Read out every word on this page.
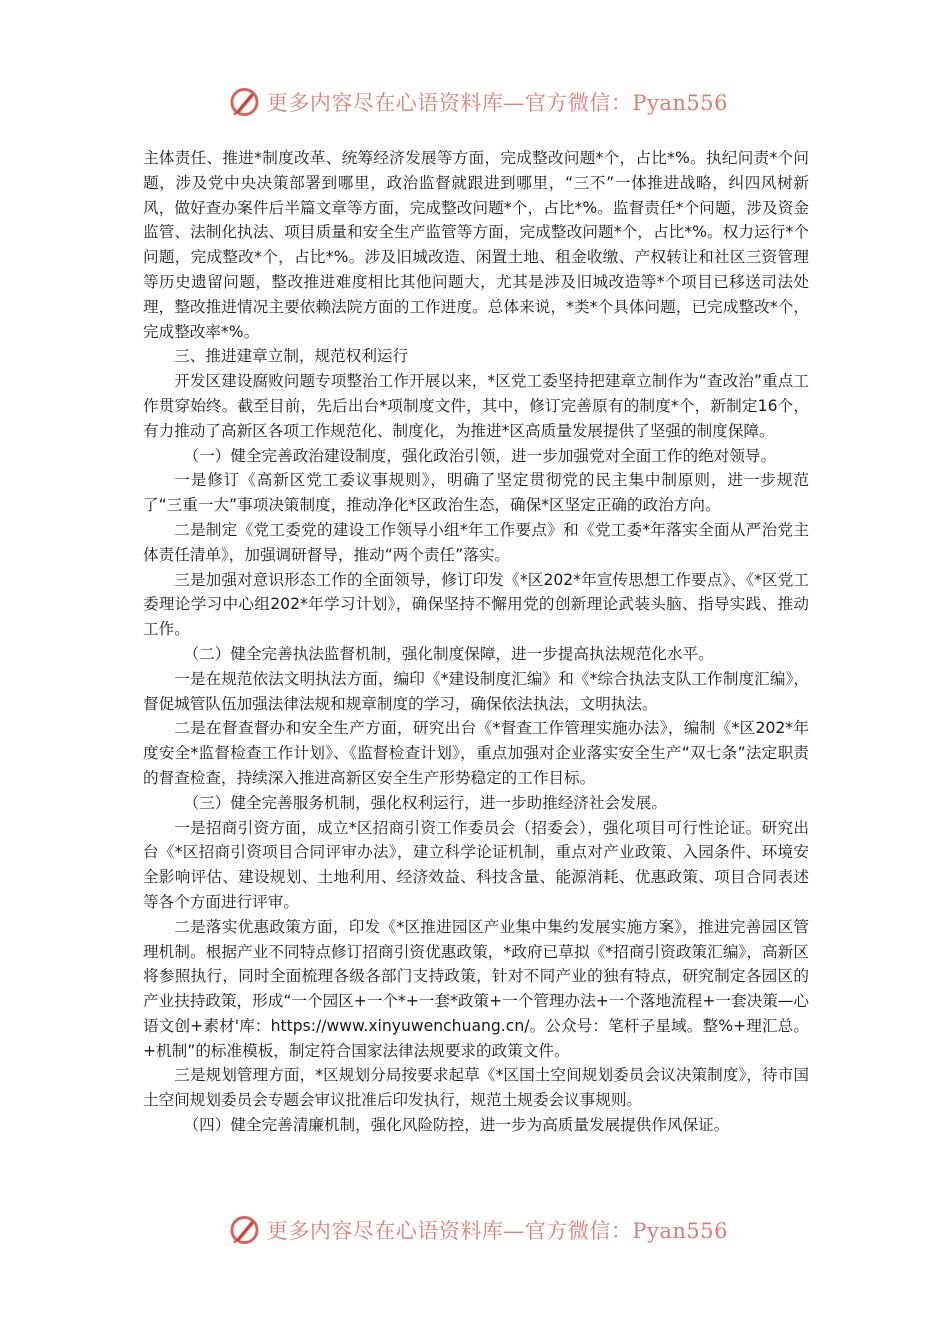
更多内容尽在心语资料库—官方微信：Pyan556

主体责任、推进*制度改革、统筹经济发展等方面，完成整改问题*个，占比*%。执纪问责*个问题，涉及党中央决策部署到哪里，政治监督就跟进到哪里，“三不”一体推进战略，纠四风树新风，做好查办案件后半篇文章等方面，完成整改问题*个，占比*%。监督责任*个问题，涉及资金监管、法制化执法、项目质量和安全生产监管等方面，完成整改问题*个，占比*%。权力运行*个问题，完成整改*个，占比*%。涉及旧城改造、闲置土地、租金收缴、产权转让和社区三资管理等历史遗留问题，整改推进难度相比其他问题大，尤其是涉及旧城改造等*个项目已移送司法处理，整改推进情况主要依赖法院方面的工作进度。总体来说，*类*个具体问题，已完成整改*个，完成整改率*%。

三、推进建章立制，规范权利运行

开发区建设腐败问题专项整治工作开展以来，*区党工委坚持把建章立制作为“查改治”重点工作贯穿始终。截至目前，先后出台*项制度文件，其中，修订完善原有的制度*个，新制定16个，有力推动了高新区各项工作规范化、制度化，为推进*区高质量发展提供了坚强的制度保障。

（一）健全完善政治建设制度，强化政治引领，进一步加强党对全面工作的绝对领导。

一是修订《高新区党工委议事规则》，明确了坚定贯彻党的民主集中制原则，进一步规范了“三重一大”事项决策制度，推动净化*区政治生态，确保*区坚定正确的政治方向。

二是制定《党工委党的建设工作领导小组*年工作要点》和《党工委*年落实全面从严治党主体责任清单》，加强调研督导，推动“两个责任”落实。

三是加强对意识形态工作的全面领导，修订印发《*区202*年宣传思想工作要点》、《*区党工委理论学习中心组202*年学习计划》，确保坚持不懈用党的创新理论武装头脑、指导实践、推动工作。

（二）健全完善执法监督机制，强化制度保障，进一步提高执法规范化水平。

一是在规范依法文明执法方面，编印《*建设制度汇编》和《*综合执法支队工作制度汇编》，督促城管队伍加强法律法规和规章制度的学习，确保依法执法，文明执法。

二是在督查督办和安全生产方面，研究出台《*督查工作管理实施办法》，编制《*区202*年度安全*监督检查工作计划》、《监督检查计划》，重点加强对企业落实安全生产“双七条”法定职责的督查检查，持续深入推进高新区安全生产形势稳定的工作目标。

（三）健全完善服务机制，强化权利运行，进一步助推经济社会发展。

一是招商引资方面，成立*区招商引资工作委员会（招委会），强化项目可行性论证。研究出台《*区招商引资项目合同评审办法》，建立科学论证机制，重点对产业政策、入园条件、环境安全影响评估、建设规划、土地利用、经济效益、科技含量、能源消耗、优惠政策、项目合同表述等各个方面进行评审。

二是落实优惠政策方面，印发《*区推进园区产业集中集约发展实施方案》，推进完善园区管理机制。根据产业不同特点修订招商引资优惠政策，*政府已草拟《*招商引资政策汇编》，高新区将参照执行，同时全面梳理各级各部门支持政策，针对不同产业的独有特点，研究制定各园区的产业扶持政策，形成“一个园区+一个*+一套*政策+一个管理办法+一个落地流程+一套决策—心语文创+素材'库：https://www.xinyuwenchuang.cn/。公众号：笔杆子星域。整%+理汇总。+机制”的标准模板，制定符合国家法律法规要求的政策文件。

三是规划管理方面，*区规划分局按要求起草《*区国土空间规划委员会议决策制度》，待市国土空间规划委员会专题会审议批准后印发执行，规范土规委会议事规则。

（四）健全完善清廉机制，强化风险防控，进一步为高质量发展提供作风保证。

更多内容尽在心语资料库—官方微信：Pyan556
